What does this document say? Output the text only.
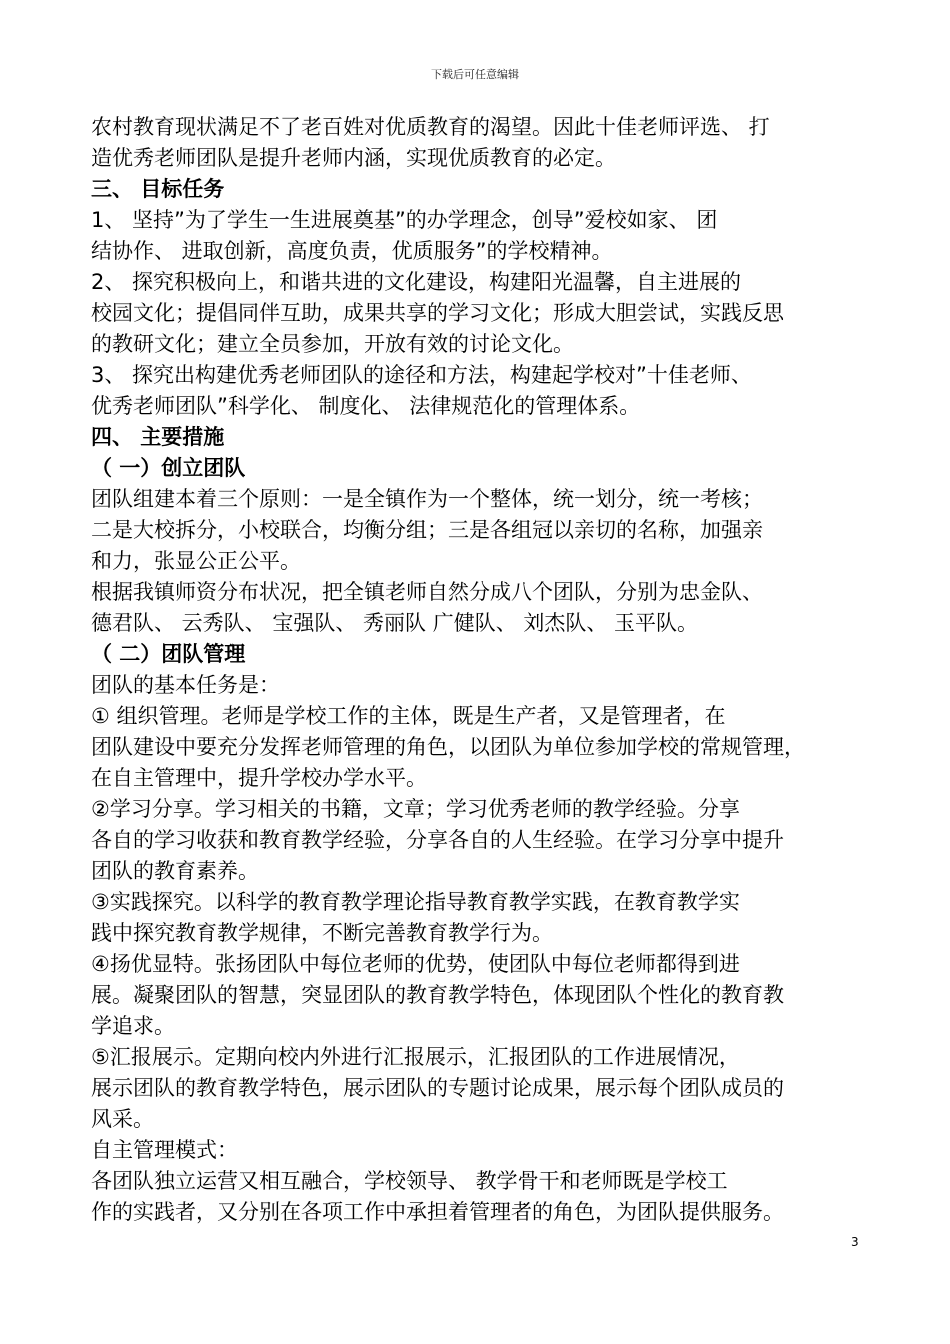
下载后可任意编辑
农村教育现状满足不了老百姓对优质教育的渴望。因此十佳老师评选、 打
造优秀老师团队是提升老师内涵，实现优质教育的必定。
三、 目标任务
1、 坚持”为了学生一生进展奠基”的办学理念，创导”爱校如家、 团
结协作、 进取创新，高度负责，优质服务”的学校精神。
2、 探究积极向上，和谐共进的文化建设，构建阳光温馨，自主进展的
校园文化；提倡同伴互助，成果共享的学习文化；形成大胆尝试，实践反思
的教研文化；建立全员参加，开放有效的讨论文化。
3、 探究出构建优秀老师团队的途径和方法，构建起学校对”十佳老师、
优秀老师团队”科学化、 制度化、 法律规范化的管理体系。
四、 主要措施
（ 一）创立团队
团队组建本着三个原则：一是全镇作为一个整体，统一划分，统一考核；
二是大校拆分，小校联合，均衡分组；三是各组冠以亲切的名称，加强亲
和力，张显公正公平。
根据我镇师资分布状况，把全镇老师自然分成八个团队，分别为忠金队、
德君队、 云秀队、 宝强队、 秀丽队 广健队、 刘杰队、 玉平队。
（ 二）团队管理
团队的基本任务是：
① 组织管理。老师是学校工作的主体，既是生产者，又是管理者，在
团队建设中要充分发挥老师管理的角色，以团队为单位参加学校的常规管理，
在自主管理中，提升学校办学水平。
②学习分享。学习相关的书籍，文章；学习优秀老师的教学经验。分享
各自的学习收获和教育教学经验，分享各自的人生经验。在学习分享中提升
团队的教育素养。
③实践探究。以科学的教育教学理论指导教育教学实践，在教育教学实
践中探究教育教学规律，不断完善教育教学行为。
④扬优显特。张扬团队中每位老师的优势，使团队中每位老师都得到进
展。凝聚团队的智慧，突显团队的教育教学特色，体现团队个性化的教育教
学追求。
⑤汇报展示。定期向校内外进行汇报展示，汇报团队的工作进展情况，
展示团队的教育教学特色，展示团队的专题讨论成果，展示每个团队成员的
风采。
自主管理模式：
各团队独立运营又相互融合，学校领导、 教学骨干和老师既是学校工
作的实践者，又分别在各项工作中承担着管理者的角色，为团队提供服务。
3
